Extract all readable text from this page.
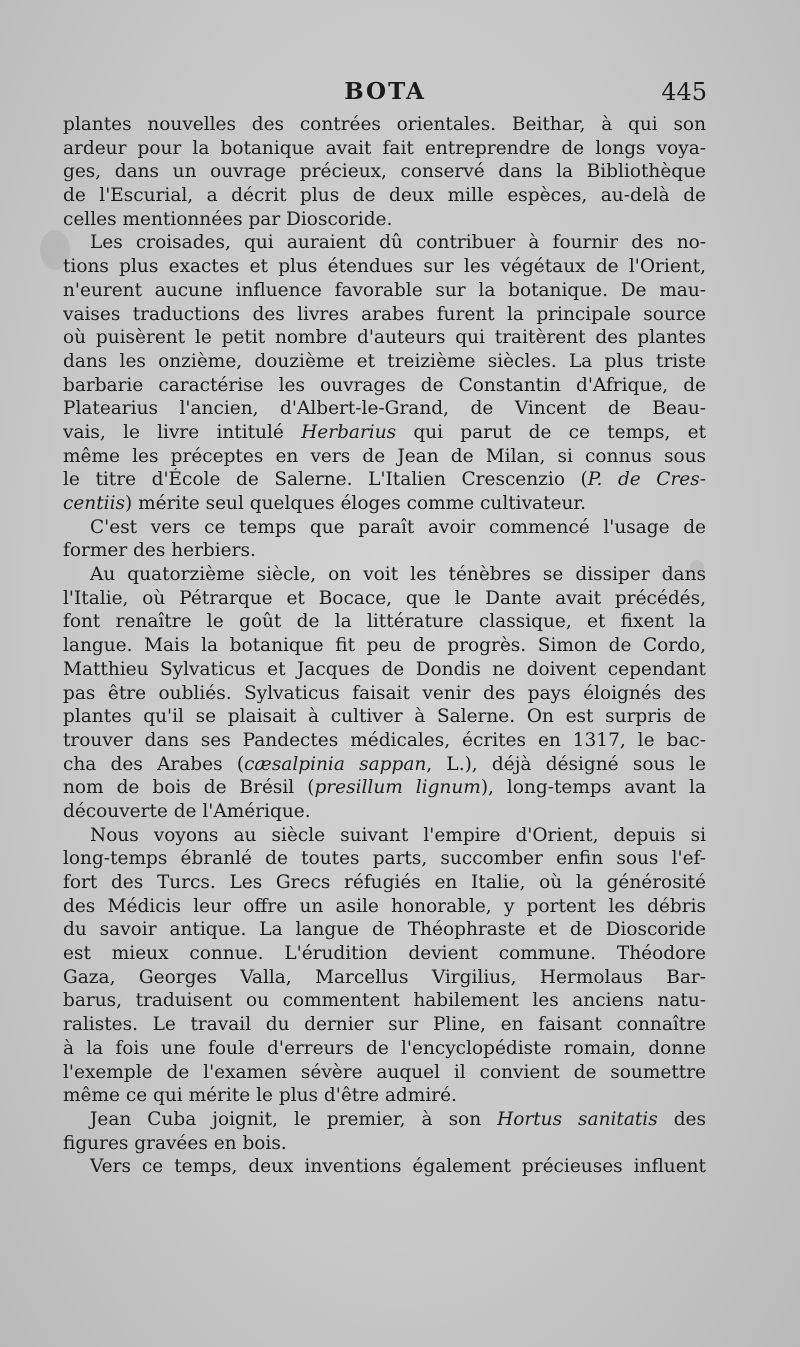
BOTA	445
plantes nouvelles des contrées orientales. Beithar, à qui son
ardeur pour la botanique avait fait entreprendre de longs voya-
ges, dans un ouvrage précieux, conservé dans la Bibliothèque
de l'Escurial, a décrit plus de deux mille espèces, au-delà de
celles mentionnées par Dioscoride.
Les croisades, qui auraient dû contribuer à fournir des no-
tions plus exactes et plus étendues sur les végétaux de l'Orient,
n'eurent aucune influence favorable sur la botanique. De mau-
vaises traductions des livres arabes furent la principale source
où puisèrent le petit nombre d'auteurs qui traitèrent des plantes
dans les onzième, douzième et treizième siècles. La plus triste
barbarie caractérise les ouvrages de Constantin d'Afrique, de
Platearius l'ancien, d'Albert-le-Grand, de Vincent de Beau-
vais, le livre intitulé Herbarius qui parut de ce temps, et
même les préceptes en vers de Jean de Milan, si connus sous
le titre d'École de Salerne. L'Italien Crescenzio (P. de Cres-
centiis) mérite seul quelques éloges comme cultivateur.
C'est vers ce temps que paraît avoir commencé l'usage de
former des herbiers.
Au quatorzième siècle, on voit les ténèbres se dissiper dans
l'Italie, où Pétrarque et Bocace, que le Dante avait précédés,
font renaître le goût de la littérature classique, et fixent la
langue. Mais la botanique fit peu de progrès. Simon de Cordo,
Matthieu Sylvaticus et Jacques de Dondis ne doivent cependant
pas être oubliés. Sylvaticus faisait venir des pays éloignés des
plantes qu'il se plaisait à cultiver à Salerne. On est surpris de
trouver dans ses Pandectes médicales, écrites en 1317, le bac-
cha des Arabes (cæsalpinia sappan, L.), déjà désigné sous le
nom de bois de Brésil (presillum lignum), long-temps avant la
découverte de l'Amérique.
Nous voyons au siècle suivant l'empire d'Orient, depuis si
long-temps ébranlé de toutes parts, succomber enfin sous l'ef-
fort des Turcs. Les Grecs réfugiés en Italie, où la générosité
des Médicis leur offre un asile honorable, y portent les débris
du savoir antique. La langue de Théophraste et de Dioscoride
est mieux connue. L'érudition devient commune. Théodore
Gaza, Georges Valla, Marcellus Virgilius, Hermolaus Bar-
barus, traduisent ou commentent habilement les anciens natu-
ralistes. Le travail du dernier sur Pline, en faisant connaître
à la fois une foule d'erreurs de l'encyclopédiste romain, donne
l'exemple de l'examen sévère auquel il convient de soumettre
même ce qui mérite le plus d'être admiré.
Jean Cuba joignit, le premier, à son Hortus sanitatis des
figures gravées en bois.
Vers ce temps, deux inventions également précieuses influent
